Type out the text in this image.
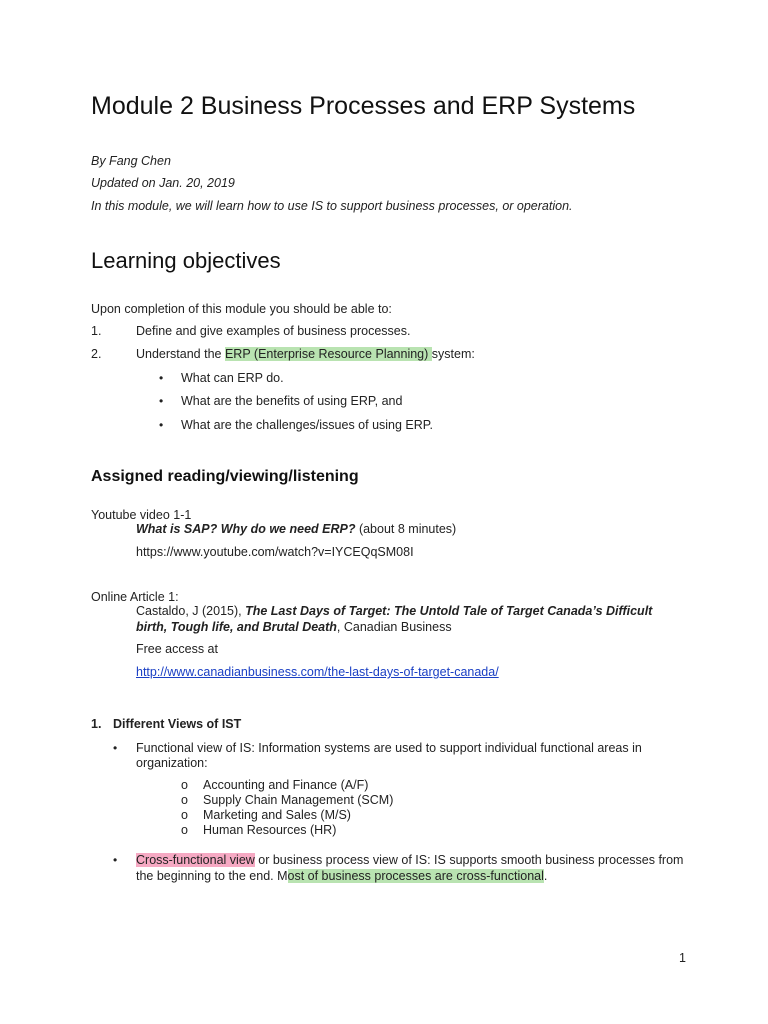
Module 2 Business Processes and ERP Systems
By Fang Chen
Updated on Jan. 20, 2019
In this module, we will learn how to use IS to support business processes, or operation.
Learning objectives
Upon completion of this module you should be able to:
1.	Define and give examples of business processes.
2.	Understand the ERP (Enterprise Resource Planning) system:
• What can ERP do.
• What are the benefits of using ERP, and
• What are the challenges/issues of using ERP.
Assigned reading/viewing/listening
Youtube video 1-1
What is SAP? Why do we need ERP? (about 8 minutes)
https://www.youtube.com/watch?v=IYCEQqSM08I
Online Article 1:
Castaldo, J (2015), The Last Days of Target: The Untold Tale of Target Canada’s Difficult
birth, Tough life, and Brutal Death, Canadian Business
Free access at
http://www.canadianbusiness.com/the-last-days-of-target-canada/
1. Different Views of IST
• Functional view of IS: Information systems are used to support individual functional areas in
organization:
o Accounting and Finance (A/F)
o Supply Chain Management (SCM)
o Marketing and Sales (M/S)
o Human Resources (HR)
• Cross-functional view or business process view of IS: IS supports smooth business processes from
the beginning to the end. Most of business processes are cross-functional.
1
